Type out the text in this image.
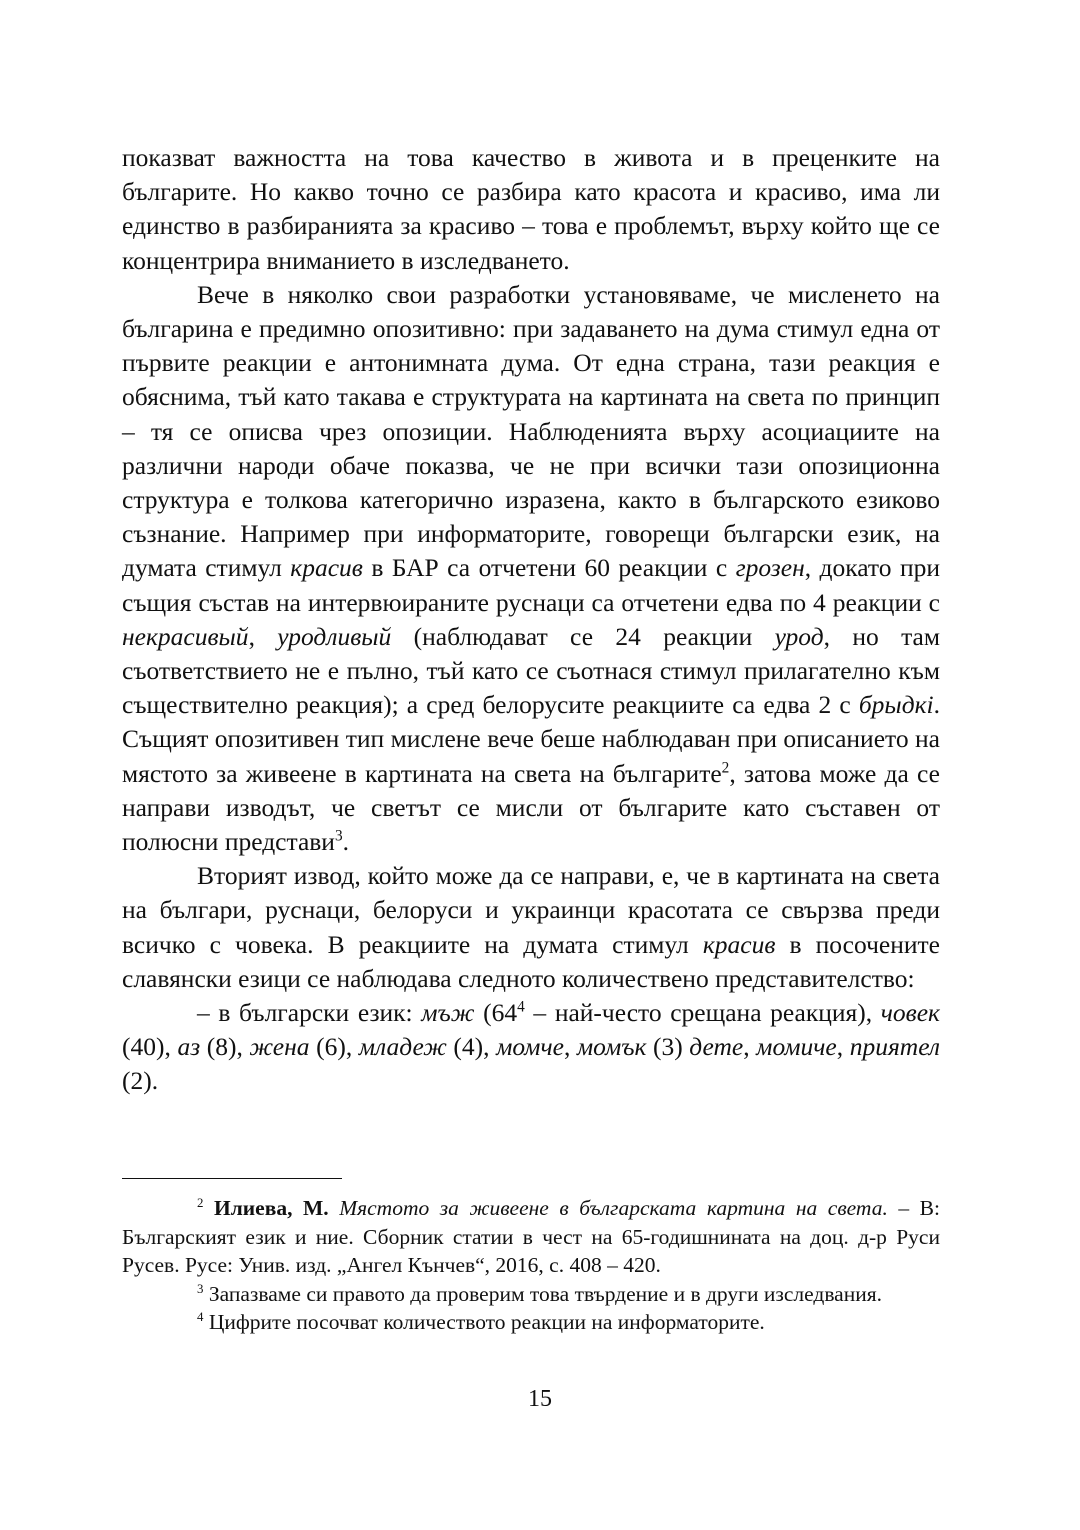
показват важността на това качество в живота и в преценките на българите. Но какво точно се разбира като красота и красиво, има ли единство в разбиранията за красиво – това е проблемът, върху който ще се концентрира вниманието в изследването.

Вече в няколко свои разработки установяваме, че мисленето на българина е предимно опозитивно: при задаването на дума стимул една от първите реакции е антонимната дума. От една страна, тази реакция е обяснима, тъй като такава е структурата на картината на света по принцип – тя се описва чрез опозиции. Наблюденията върху асоциациите на различни народи обаче показва, че не при всички тази опозиционна структура е толкова категорично изразена, както в българското езиково съзнание. Например при информаторите, говорещи български език, на думата стимул красив в БАР са отчетени 60 реакции с грозен, докато при същия състав на интервюираните руснаци са отчетени едва по 4 реакции с некрасивый, уродливый (наблюдават се 24 реакции урод, но там съответствието не е пълно, тъй като се съотнася стимул прилагателно към съществително реакция); а сред белорусите реакциите са едва 2 с брыдкі. Същият опозитивен тип мислене вече беше наблюдаван при описанието на мястото за живеене в картината на света на българите$^2$, затова може да се направи изводът, че светът се мисли от българите като съставен от полюсни представи$^3$.

Вторият извод, който може да се направи, е, че в картината на света на българи, руснаци, белоруси и украинци красотата се свързва преди всичко с човека. В реакциите на думата стимул красив в посочените славянски езици се наблюдава следното количествено представителство:

– в български език: мъж ($64^4$ – най-често срещана реакция), човек (40), аз (8), жена (6), младеж (4), момче, момък (3) дете, момиче, приятел (2).

$^2$ Илиева, М. Мястото за живеене в българската картина на света. – В: Българският език и ние. Сборник статии в чест на 65-годишнината на доц. д-р Руси Русев. Русе: Унив. изд. „Ангел Кънчев“, 2016, с. 408 – 420.

$^3$ Запазваме си правото да проверим това твърдение и в други изследвания.

$^4$ Цифрите посочват количеството реакции на информаторите.

15
